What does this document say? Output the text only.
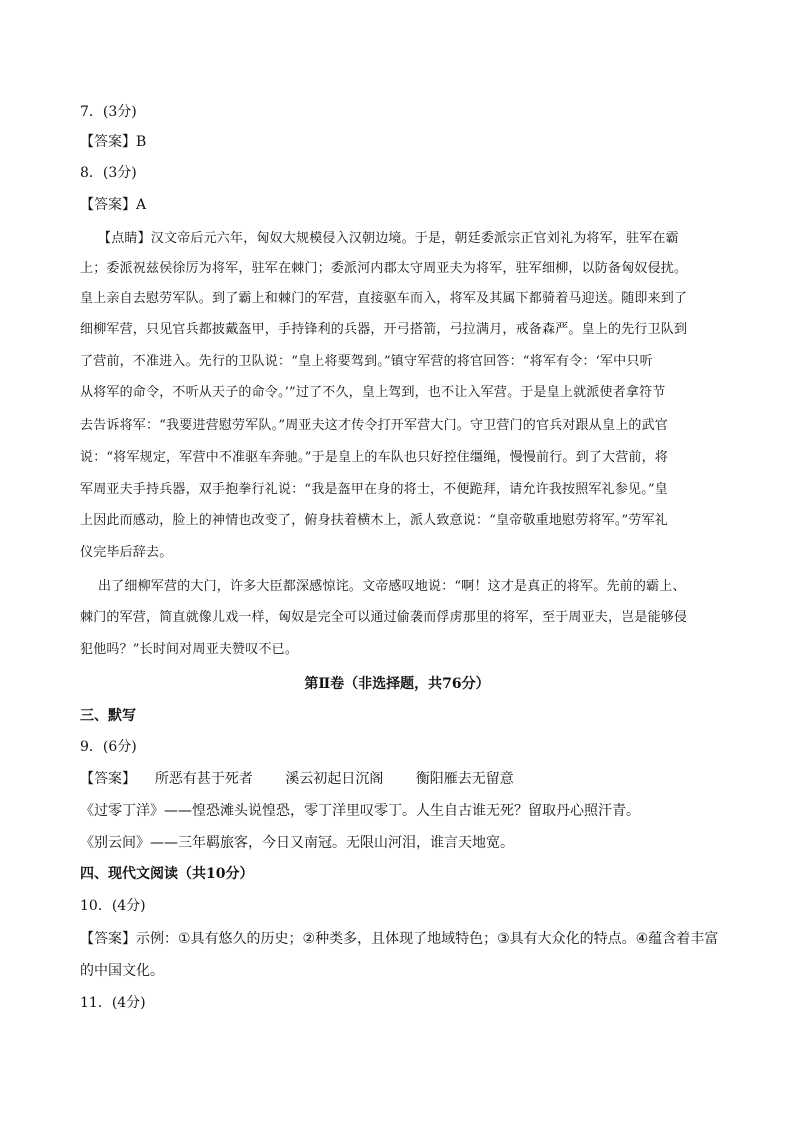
7．(3分)
【答案】B
8．(3分)
【答案】A
【点睛】汉文帝后元六年，匈奴大规模侵入汉朝边境。于是，朝廷委派宗正官刘礼为将军，驻军在霸
上；委派祝兹侯徐厉为将军，驻军在棘门；委派河内郡太守周亚夫为将军，驻军细柳，以防备匈奴侵扰。
皇上亲自去慰劳军队。到了霸上和棘门的军营，直接驱车而入，将军及其属下都骑着马迎送。随即来到了
细柳军营，只见官兵都披戴盔甲，手持锋利的兵器，开弓搭箭，弓拉满月，戒备森严。皇上的先行卫队到
了营前，不准进入。先行的卫队说：“皇上将要驾到。”镇守军营的将官回答：“将军有令：‘军中只听
从将军的命令，不听从天子的命令。’”过了不久，皇上驾到，也不让入军营。于是皇上就派使者拿符节
去告诉将军：“我要进营慰劳军队。”周亚夫这才传令打开军营大门。守卫营门的官兵对跟从皇上的武官
说：“将军规定，军营中不准驱车奔驰。”于是皇上的车队也只好控住缰绳，慢慢前行。到了大营前，将
军周亚夫手持兵器，双手抱拳行礼说：“我是盔甲在身的将士，不便跪拜，请允许我按照军礼参见。”皇
上因此而感动，脸上的神情也改变了，俯身扶着横木上，派人致意说：“皇帝敬重地慰劳将军。”劳军礼
仪完毕后辞去。
出了细柳军营的大门，许多大臣都深感惊诧。文帝感叹地说：“啊！这才是真正的将军。先前的霸上、
棘门的军营，简直就像儿戏一样，匈奴是完全可以通过偷袭而俘虏那里的将军，至于周亚夫，岂是能够侵
犯他吗？”长时间对周亚夫赞叹不已。
第Ⅱ卷（非选择题，共76分）
三、默写
9．(6分)
【答案】 所恶有甚于死者 溪云初起日沉阁 衡阳雁去无留意
《过零丁洋》——惶恐滩头说惶恐，零丁洋里叹零丁。人生自古谁无死？留取丹心照汗青。
《别云间》——三年羁旅客，今日又南冠。无限山河泪，谁言天地宽。
四、现代文阅读（共10分）
10．(4分)
【答案】示例：①具有悠久的历史；②种类多，且体现了地域特色；③具有大众化的特点。④蕴含着丰富
的中国文化。
11．(4分)
